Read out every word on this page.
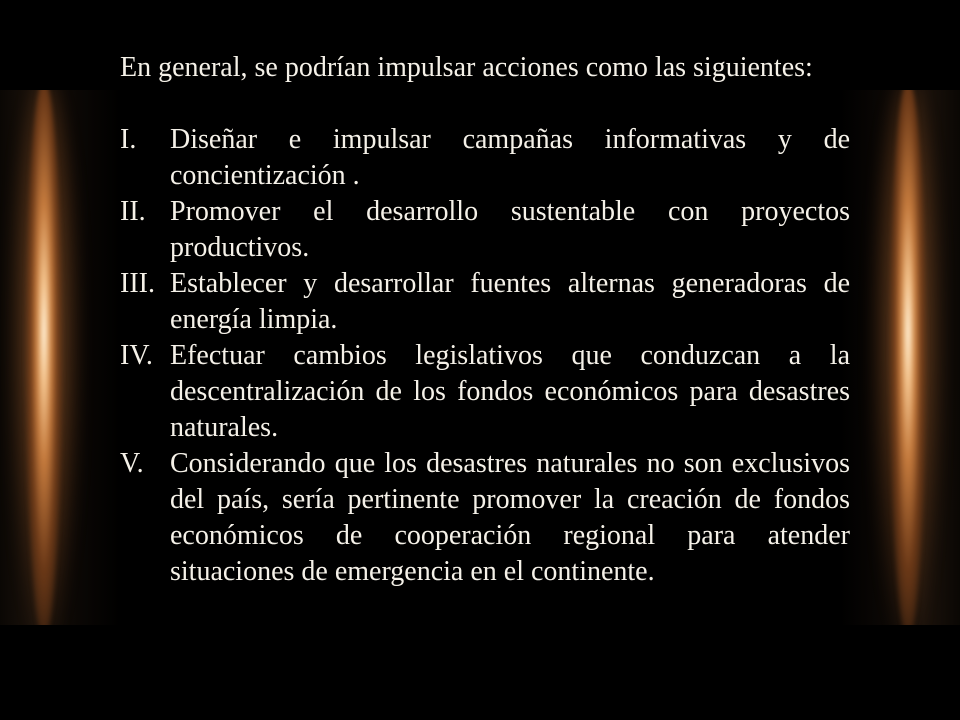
En general, se podrían impulsar acciones como las siguientes:

I. Diseñar e impulsar campañas informativas y de concientización .
II. Promover el desarrollo sustentable con proyectos productivos.
III. Establecer y desarrollar fuentes alternas generadoras de energía limpia.
IV. Efectuar cambios legislativos que conduzcan a la descentralización de los fondos económicos para desastres naturales.
V. Considerando que los desastres naturales no son exclusivos del país, sería pertinente promover la creación de fondos económicos de cooperación regional para atender situaciones de emergencia en el continente.
